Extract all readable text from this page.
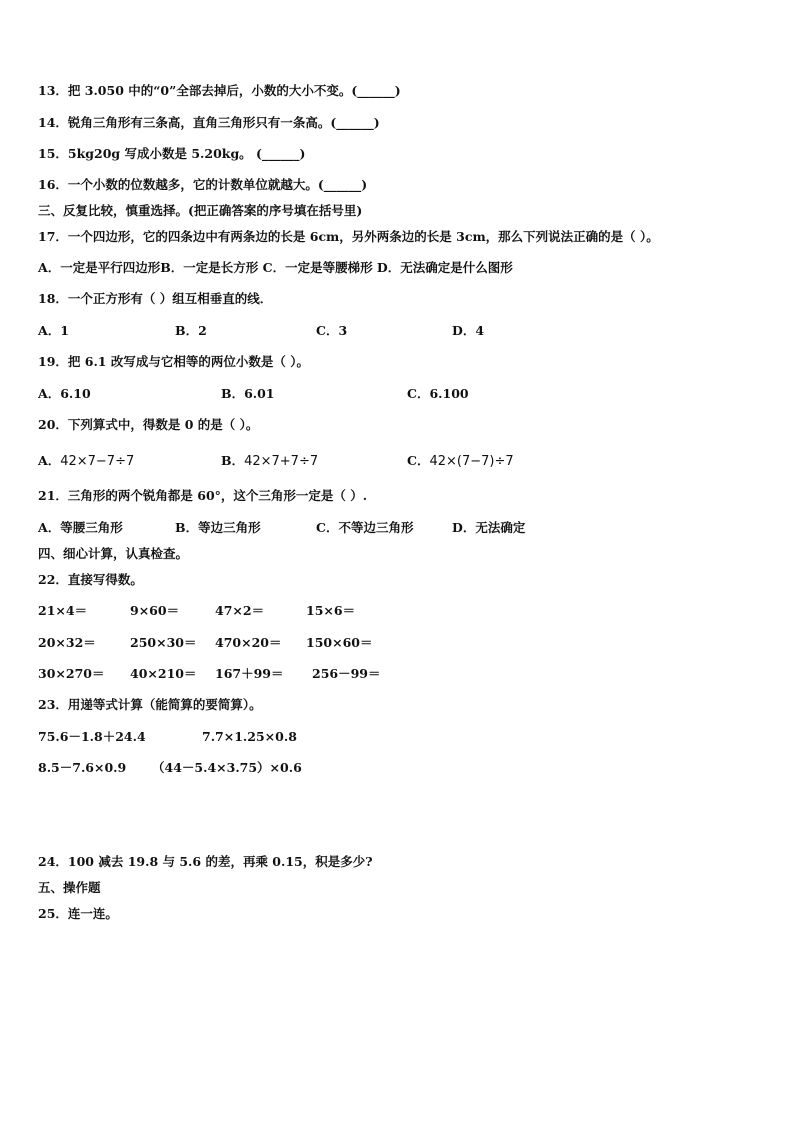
13．把 3.050 中的“0”全部去掉后，小数的大小不变。(______)
14．锐角三角形有三条高，直角三角形只有一条高。(______)
15．5kg20g 写成小数是 5.20kg。 (______)
16．一个小数的位数越多，它的计数单位就越大。(______)
三、反复比较，慎重选择。(把正确答案的序号填在括号里)
17．一个四边形，它的四条边中有两条边的长是 6cm，另外两条边的长是 3cm，那么下列说法正确的是（ ）。
A．一定是平行四边形B．一定是长方形 C．一定是等腰梯形 D．无法确定是什么图形
18．一个正方形有（ ）组互相垂直的线．
A．1	B．2	C．3	D．4
19．把 6.1 改写成与它相等的两位小数是（ ）。
A．6.10	B．6.01	C．6.100
20．下列算式中，得数是 0 的是（ ）。
A．42×7−7÷7	B．42×7+7÷7	C．42×(7−7)÷7
21．三角形的两个锐角都是 60°，这个三角形一定是（ ）.
A．等腰三角形	B．等边三角形	C．不等边三角形	D．无法确定
四、细心计算，认真检查。
22．直接写得数。
21×4＝	9×60＝	47×2＝	15×6＝
20×32＝	250×30＝ 470×20＝ 150×60＝
30×270＝ 40×210＝ 167＋99＝ 256－99＝
23．用递等式计算（能简算的要简算）。
75.6－1.8＋24.4	7.7×1.25×0.8
8.5－7.6×0.9 （44－5.4×3.75）×0.6
24．100 减去 19.8 与 5.6 的差，再乘 0.15，积是多少?
五、操作题
25．连一连。
